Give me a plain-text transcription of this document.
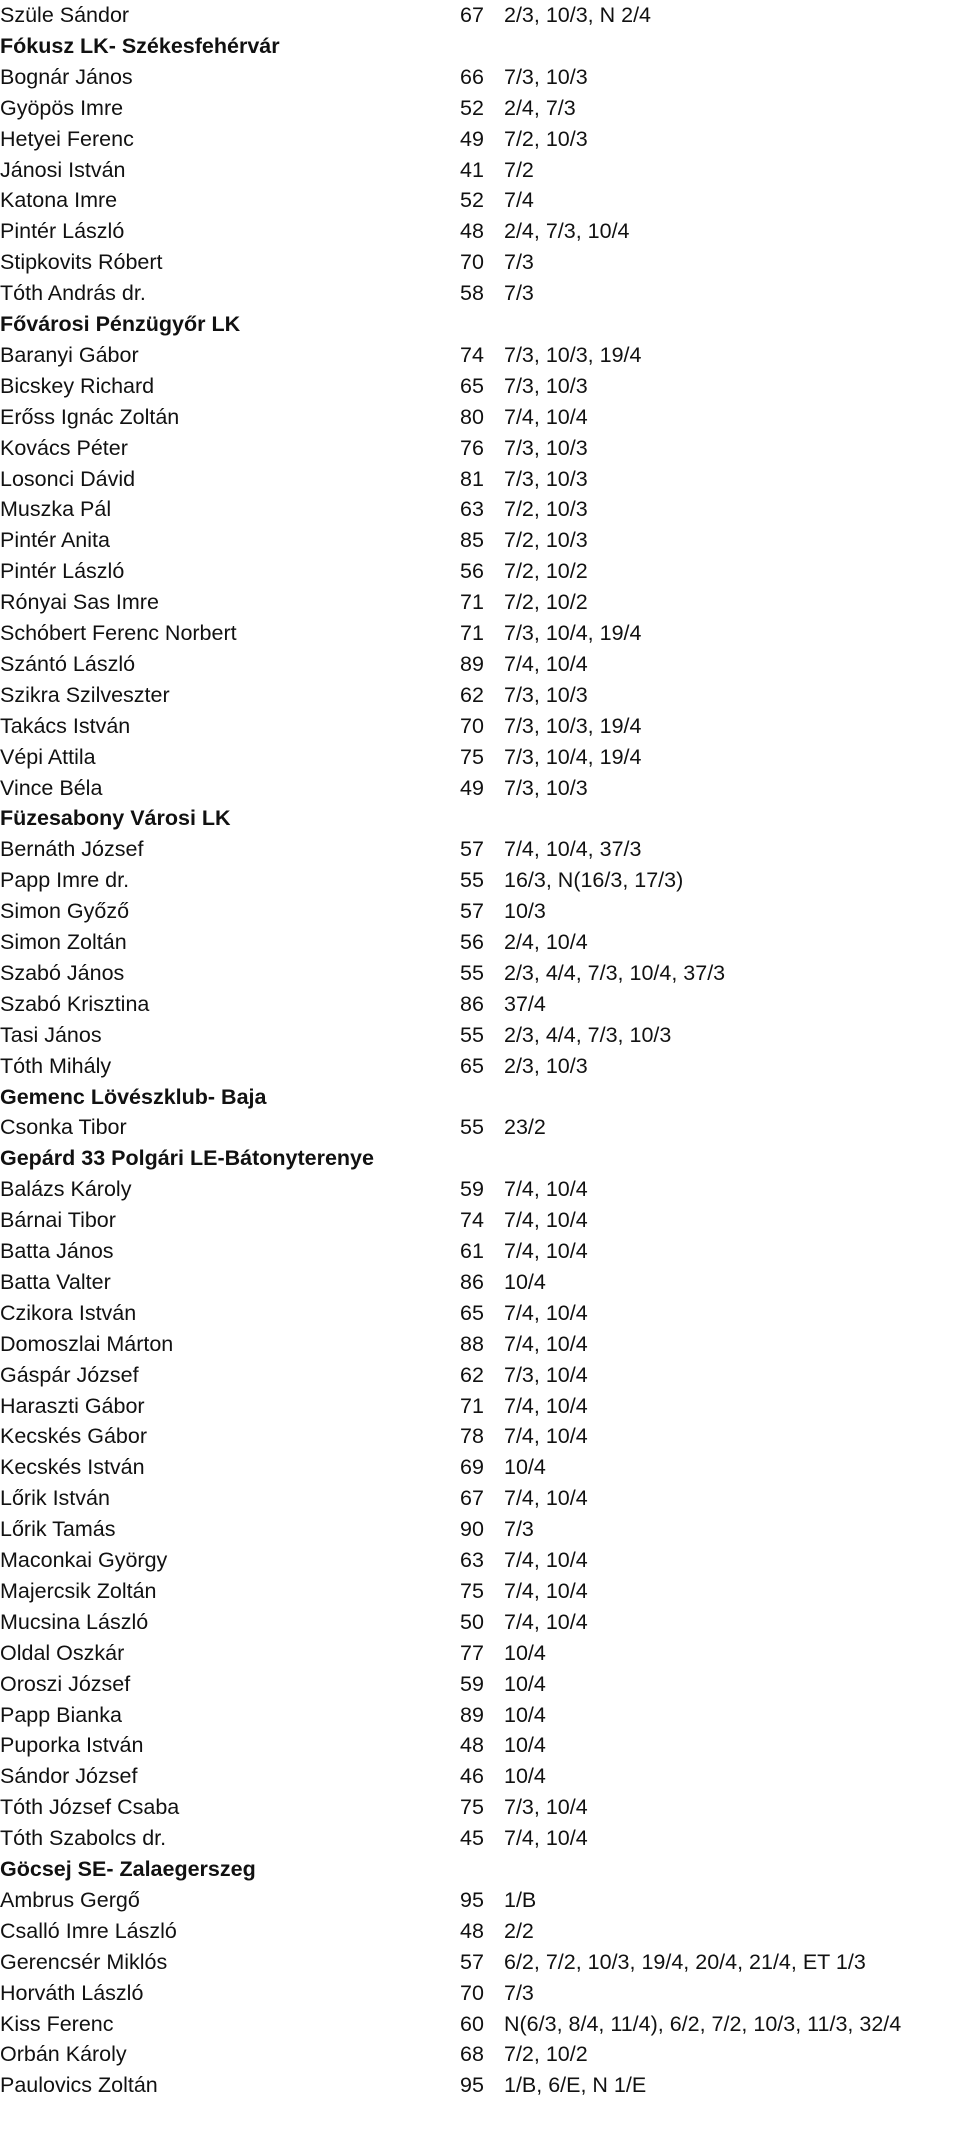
Szüle Sándor	67 2/3, 10/3, N 2/4
Fókusz LK- Székesfehérvár
Bognár János	66 7/3, 10/3
Gyöpös Imre	52 2/4, 7/3
Hetyei Ferenc	49 7/2, 10/3
Jánosi István	41 7/2
Katona Imre	52 7/4
Pintér László	48 2/4, 7/3, 10/4
Stipkovits Róbert	70 7/3
Tóth András dr.	58 7/3
Fővárosi Pénzügyőr LK
Baranyi Gábor	74 7/3, 10/3, 19/4
Bicskey Richard	65 7/3, 10/3
Erőss Ignác Zoltán	80 7/4, 10/4
Kovács Péter	76 7/3, 10/3
Losonci Dávid	81 7/3, 10/3
Muszka Pál	63 7/2, 10/3
Pintér Anita	85 7/2, 10/3
Pintér László	56 7/2, 10/2
Rónyai Sas Imre	71 7/2, 10/2
Schóbert Ferenc Norbert	71 7/3, 10/4, 19/4
Szántó László	89 7/4, 10/4
Szikra Szilveszter	62 7/3, 10/3
Takács István	70 7/3, 10/3, 19/4
Vépi Attila	75 7/3, 10/4, 19/4
Vince Béla	49 7/3, 10/3
Füzesabony Városi LK
Bernáth József	57 7/4, 10/4, 37/3
Papp Imre dr.	55 16/3, N(16/3, 17/3)
Simon Győző	57 10/3
Simon Zoltán	56 2/4, 10/4
Szabó János	55 2/3, 4/4, 7/3, 10/4, 37/3
Szabó Krisztina	86 37/4
Tasi János	55 2/3, 4/4, 7/3, 10/3
Tóth Mihály	65 2/3, 10/3
Gemenc Lövészklub- Baja
Csonka Tibor	55 23/2
Gepárd 33 Polgári LE-Bátonyterenye
Balázs Károly	59 7/4, 10/4
Bárnai Tibor	74 7/4, 10/4
Batta János	61 7/4, 10/4
Batta Valter	86 10/4
Czikora István	65 7/4, 10/4
Domoszlai Márton	88 7/4, 10/4
Gáspár József	62 7/3, 10/4
Haraszti Gábor	71 7/4, 10/4
Kecskés Gábor	78 7/4, 10/4
Kecskés István	69 10/4
Lőrik István	67 7/4, 10/4
Lőrik Tamás	90 7/3
Maconkai György	63 7/4, 10/4
Majercsik Zoltán	75 7/4, 10/4
Mucsina László	50 7/4, 10/4
Oldal Oszkár	77 10/4
Oroszi József	59 10/4
Papp Bianka	89 10/4
Puporka István	48 10/4
Sándor József	46 10/4
Tóth József Csaba	75 7/3, 10/4
Tóth Szabolcs dr.	45 7/4, 10/4
Göcsej SE- Zalaegerszeg
Ambrus Gergő	95 1/B
Csalló Imre László	48 2/2
Gerencsér Miklós	57 6/2, 7/2, 10/3, 19/4, 20/4, 21/4, ET 1/3
Horváth László	70 7/3
Kiss Ferenc	60 N(6/3, 8/4, 11/4), 6/2, 7/2, 10/3, 11/3, 32/4
Orbán Károly	68 7/2, 10/2
Paulovics Zoltán	95 1/B, 6/E, N 1/E
